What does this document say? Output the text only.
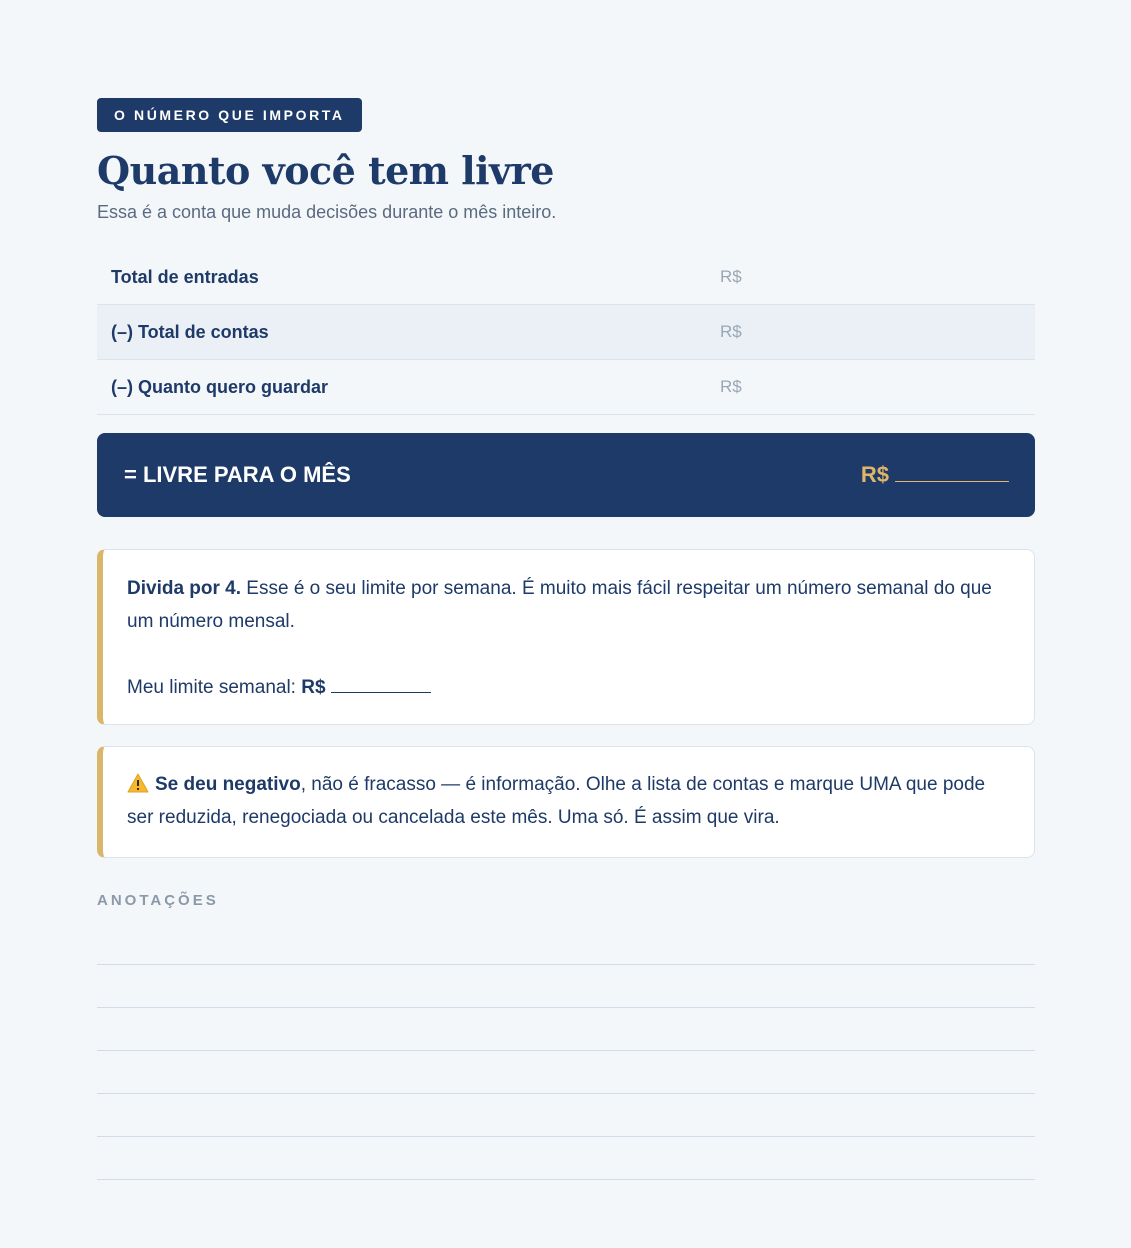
O NÚMERO QUE IMPORTA
Quanto você tem livre

Essa é a conta que muda decisões durante o mês inteiro.

Total de entradas	R$
(–) Total de contas	R$
(–) Quanto quero guardar	R$
= LIVRE PARA O MÊS	R$
Divida por 4. Esse é o seu limite por semana. É muito mais fácil respeitar um número semanal do que um número mensal.
Meu limite semanal: R$
Se deu negativo, não é fracasso — é informação. Olhe a lista de contas e marque UMA que pode ser reduzida, renegociada ou cancelada este mês. Uma só. É assim que vira.
ANOTAÇÕES
